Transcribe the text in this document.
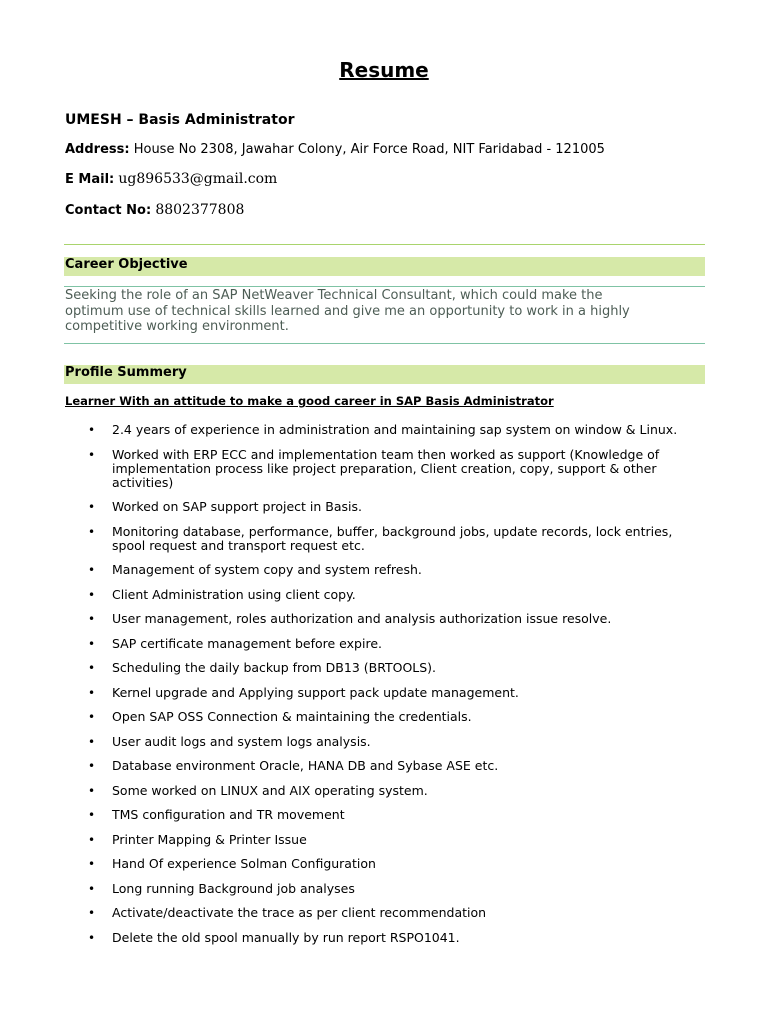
Resume
UMESH – Basis Administrator
Address: House No 2308, Jawahar Colony, Air Force Road, NIT Faridabad - 121005
E Mail: ug896533@gmail.com
Contact No: 8802377808
Career Objective
Seeking the role of an SAP NetWeaver Technical Consultant, which could make the optimum use of technical skills learned and give me an opportunity to work in a highly competitive working environment.
Profile Summery
Learner With an attitude to make a good career in SAP Basis Administrator
• 2.4 years of experience in administration and maintaining sap system on window & Linux.
• Worked with ERP ECC and implementation team then worked as support (Knowledge of implementation process like project preparation, Client creation, copy, support & other activities)
• Worked on SAP support project in Basis.
• Monitoring database, performance, buffer, background jobs, update records, lock entries, spool request and transport request etc.
• Management of system copy and system refresh.
• Client Administration using client copy.
• User management, roles authorization and analysis authorization issue resolve.
• SAP certificate management before expire.
• Scheduling the daily backup from DB13 (BRTOOLS).
• Kernel upgrade and Applying support pack update management.
• Open SAP OSS Connection & maintaining the credentials.
• User audit logs and system logs analysis.
• Database environment Oracle, HANA DB and Sybase ASE etc.
• Some worked on LINUX and AIX operating system.
• TMS configuration and TR movement
• Printer Mapping & Printer Issue
• Hand Of experience Solman Configuration
• Long running Background job analyses
• Activate/deactivate the trace as per client recommendation
• Delete the old spool manually by run report RSPO1041.
